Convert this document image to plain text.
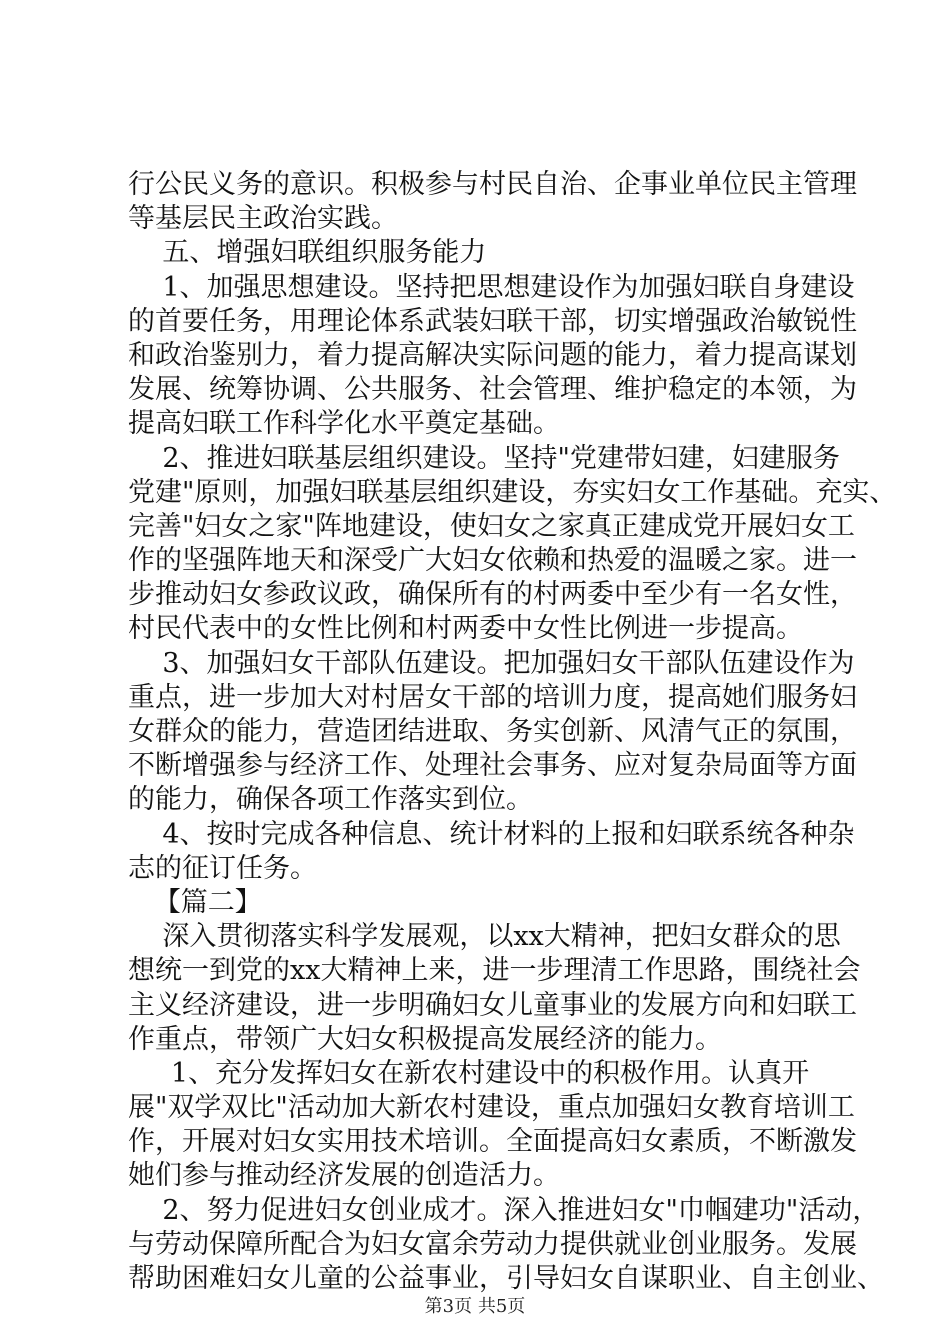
行公民义务的意识。积极参与村民自治、企事业单位民主管理
等基层民主政治实践。
五、增强妇联组织服务能力
1、加强思想建设。坚持把思想建设作为加强妇联自身建设
的首要任务，用理论体系武装妇联干部，切实增强政治敏锐性
和政治鉴别力，着力提高解决实际问题的能力，着力提高谋划
发展、统筹协调、公共服务、社会管理、维护稳定的本领，为
提高妇联工作科学化水平奠定基础。
2、推进妇联基层组织建设。坚持"党建带妇建，妇建服务
党建"原则，加强妇联基层组织建设，夯实妇女工作基础。充实、
完善"妇女之家"阵地建设，使妇女之家真正建成党开展妇女工
作的坚强阵地天和深受广大妇女依赖和热爱的温暖之家。进一
步推动妇女参政议政，确保所有的村两委中至少有一名女性，
村民代表中的女性比例和村两委中女性比例进一步提高。
3、加强妇女干部队伍建设。把加强妇女干部队伍建设作为
重点，进一步加大对村居女干部的培训力度，提高她们服务妇
女群众的能力，营造团结进取、务实创新、风清气正的氛围，
不断增强参与经济工作、处理社会事务、应对复杂局面等方面
的能力，确保各项工作落实到位。
4、按时完成各种信息、统计材料的上报和妇联系统各种杂
志的征订任务。
【篇二】
深入贯彻落实科学发展观，以xx大精神，把妇女群众的思
想统一到党的xx大精神上来，进一步理清工作思路，围绕社会
主义经济建设，进一步明确妇女儿童事业的发展方向和妇联工
作重点，带领广大妇女积极提高发展经济的能力。
1、充分发挥妇女在新农村建设中的积极作用。认真开
展"双学双比"活动加大新农村建设，重点加强妇女教育培训工
作，开展对妇女实用技术培训。全面提高妇女素质，不断激发
她们参与推动经济发展的创造活力。
2、努力促进妇女创业成才。深入推进妇女"巾帼建功"活动，
与劳动保障所配合为妇女富余劳动力提供就业创业服务。发展
帮助困难妇女儿童的公益事业，引导妇女自谋职业、自主创业、
第3页 共5页
